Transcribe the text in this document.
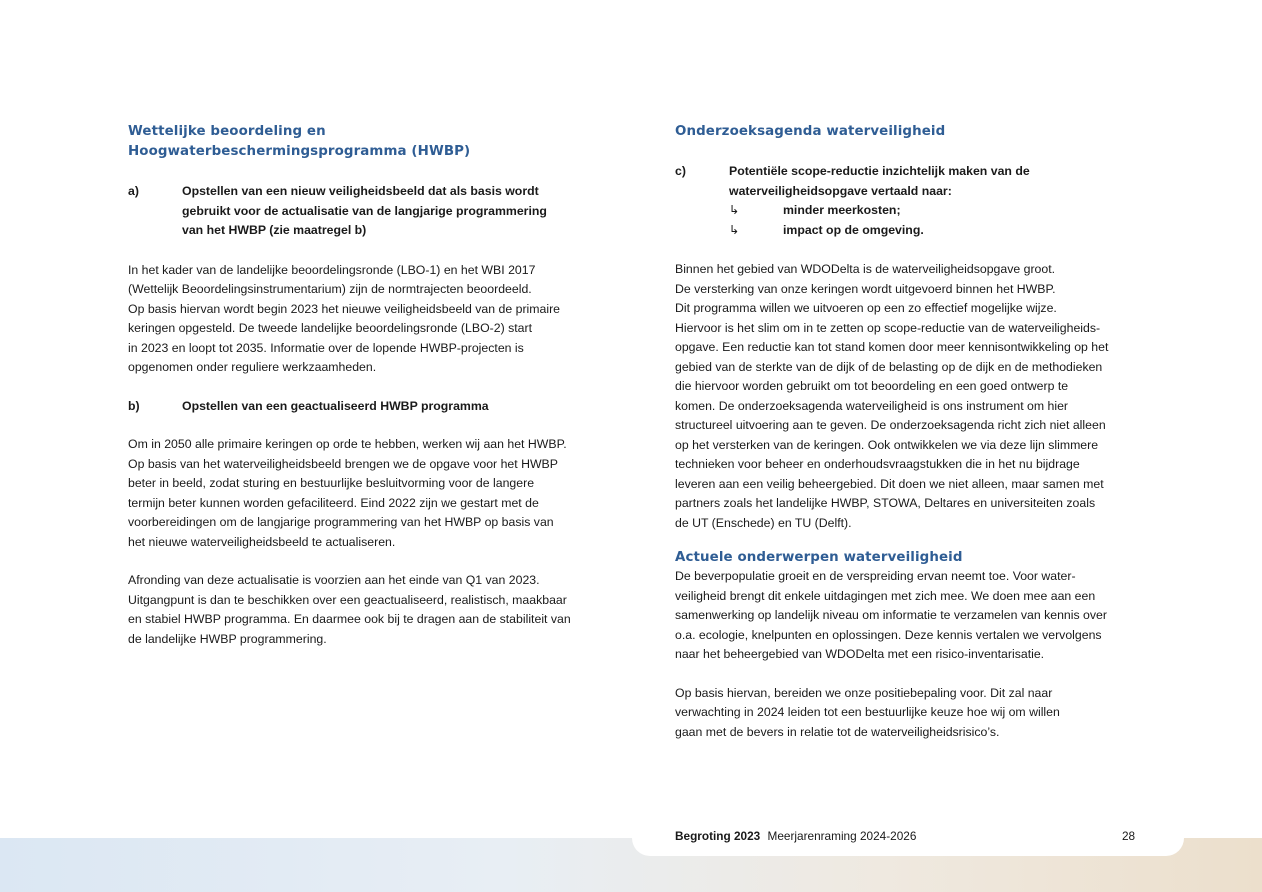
Wettelijke beoordeling en Hoogwaterbeschermingsprogramma (HWBP)
a)	Opstellen van een nieuw veiligheidsbeeld dat als basis wordt
gebruikt voor de actualisatie van de langjarige programmering
van het HWBP (zie maatregel b)

In het kader van de landelijke beoordelingsronde (LBO-1) en het WBI 2017
(Wettelijk Beoordelingsinstrumentarium) zijn de normtrajecten beoordeeld.
Op basis hiervan wordt begin 2023 het nieuwe veiligheidsbeeld van de primaire
keringen opgesteld. De tweede landelijke beoordelingsronde (LBO-2) start
in 2023 en loopt tot 2035. Informatie over de lopende HWBP-projecten is
opgenomen onder reguliere werkzaamheden.

b)	Opstellen van een geactualiseerd HWBP programma

Om in 2050 alle primaire keringen op orde te hebben, werken wij aan het HWBP.
Op basis van het waterveiligheidsbeeld brengen we de opgave voor het HWBP
beter in beeld, zodat sturing en bestuurlijke besluitvorming voor de langere
termijn beter kunnen worden gefaciliteerd. Eind 2022 zijn we gestart met de
voorbereidingen om de langjarige programmering van het HWBP op basis van
het nieuwe waterveiligheidsbeeld te actualiseren.

Afronding van deze actualisatie is voorzien aan het einde van Q1 van 2023.
Uitgangpunt is dan te beschikken over een geactualiseerd, realistisch, maakbaar
en stabiel HWBP programma. En daarmee ook bij te dragen aan de stabiliteit van
de landelijke HWBP programmering.

Onderzoeksagenda waterveiligheid
c)	Potentiële scope-reductie inzichtelijk maken van de
waterveiligheidsopgave vertaald naar:
↳	minder meerkosten;
↳	impact op de omgeving.

Binnen het gebied van WDODelta is de waterveiligheidsopgave groot.
De versterking van onze keringen wordt uitgevoerd binnen het HWBP.
Dit programma willen we uitvoeren op een zo effectief mogelijke wijze.
Hiervoor is het slim om in te zetten op scope-reductie van de waterveiligheids-
opgave. Een reductie kan tot stand komen door meer kennisontwikkeling op het
gebied van de sterkte van de dijk of de belasting op de dijk en de methodieken
die hiervoor worden gebruikt om tot beoordeling en een goed ontwerp te
komen. De onderzoeksagenda waterveiligheid is ons instrument om hier
structureel uitvoering aan te geven. De onderzoeksagenda richt zich niet alleen
op het versterken van de keringen. Ook ontwikkelen we via deze lijn slimmere
technieken voor beheer en onderhoudsvraagstukken die in het nu bijdrage
leveren aan een veilig beheergebied. Dit doen we niet alleen, maar samen met
partners zoals het landelijke HWBP, STOWA, Deltares en universiteiten zoals
de UT (Enschede) en TU (Delft).

Actuele onderwerpen waterveiligheid

De beverpopulatie groeit en de verspreiding ervan neemt toe. Voor water-
veiligheid brengt dit enkele uitdagingen met zich mee. We doen mee aan een
samenwerking op landelijk niveau om informatie te verzamelen van kennis over
o.a. ecologie, knelpunten en oplossingen. Deze kennis vertalen we vervolgens
naar het beheergebied van WDODelta met een risico-inventarisatie.

Op basis hiervan, bereiden we onze positiebepaling voor. Dit zal naar
verwachting in 2024 leiden tot een bestuurlijke keuze hoe wij om willen
gaan met de bevers in relatie tot de waterveiligheidsrisico’s.

Begroting 2023 Meerjarenraming 2024-2026	28
